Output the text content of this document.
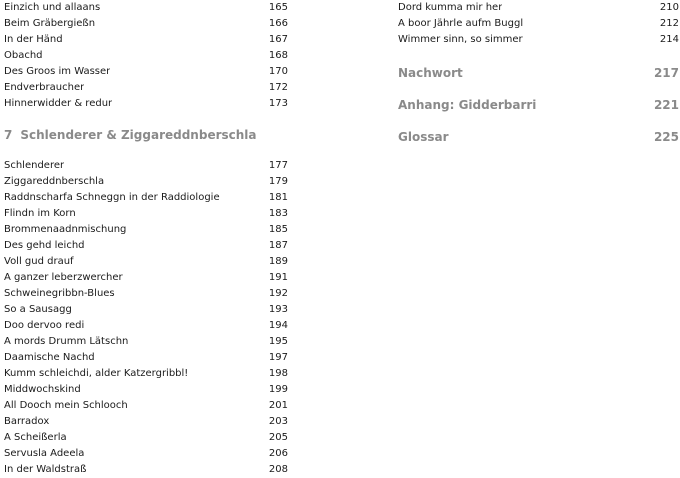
Einzich und allaans	165
Beim Gräbergießn	166
In der Händ	167
Obachd	168
Des Groos im Wasser	170
Endverbraucher	172
Hinnerwidder & redur	173
7 Schlenderer & Ziggareddnberschla
Schlenderer	177
Ziggareddnberschla	179
Raddnscharfa Schneggn in der Raddiologie	181
Flindn im Korn	183
Brommenaadnmischung	185
Des gehd leichd	187
Voll gud drauf	189
A ganzer leberzwercher	191
Schweinegribbn-Blues	192
So a Sausagg	193
Doo dervoo redi	194
A mords Drumm Lätschn	195
Daamische Nachd	197
Kumm schleichdi, alder Katzergribbl!	198
Middwochskind	199
All Dooch mein Schlooch	201
Barradox	203
A Scheißerla	205
Servusla Adeela	206
In der Waldstraß	208
Dord kumma mir her	210
A boor Jährle aufm Buggl	212
Wimmer sinn, so simmer	214
Nachwort	217
Anhang: Gidderbarri	221
Glossar	225
